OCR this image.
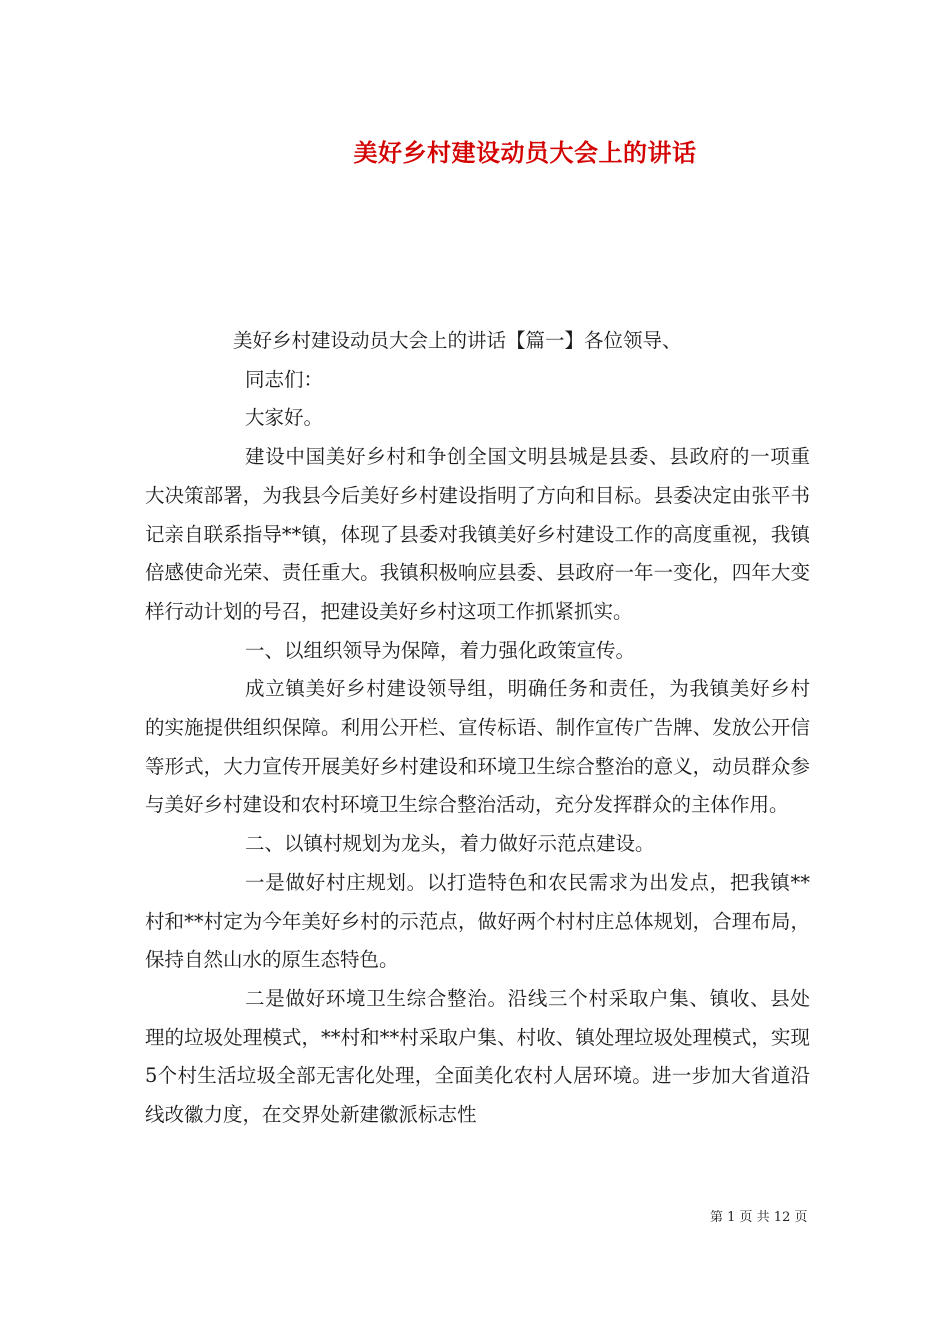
美好乡村建设动员大会上的讲话

美好乡村建设动员大会上的讲话【篇一】各位领导、

同志们：

大家好。

建设中国美好乡村和争创全国文明县城是县委、县政府的一项重大决策部署，为我县今后美好乡村建设指明了方向和目标。县委决定由张平书记亲自联系指导**镇，体现了县委对我镇美好乡村建设工作的高度重视，我镇倍感使命光荣、责任重大。我镇积极响应县委、县政府一年一变化，四年大变样行动计划的号召，把建设美好乡村这项工作抓紧抓实。

一、以组织领导为保障，着力强化政策宣传。

成立镇美好乡村建设领导组，明确任务和责任，为我镇美好乡村的实施提供组织保障。利用公开栏、宣传标语、制作宣传广告牌、发放公开信等形式，大力宣传开展美好乡村建设和环境卫生综合整治的意义，动员群众参与美好乡村建设和农村环境卫生综合整治活动，充分发挥群众的主体作用。

二、以镇村规划为龙头，着力做好示范点建设。

一是做好村庄规划。以打造特色和农民需求为出发点，把我镇**村和**村定为今年美好乡村的示范点，做好两个村村庄总体规划，合理布局，保持自然山水的原生态特色。

二是做好环境卫生综合整治。沿线三个村采取户集、镇收、县处理的垃圾处理模式，**村和**村采取户集、村收、镇处理垃圾处理模式，实现5个村生活垃圾全部无害化处理，全面美化农村人居环境。进一步加大省道沿线改徽力度，在交界处新建徽派标志性

第 1 页 共 12 页
